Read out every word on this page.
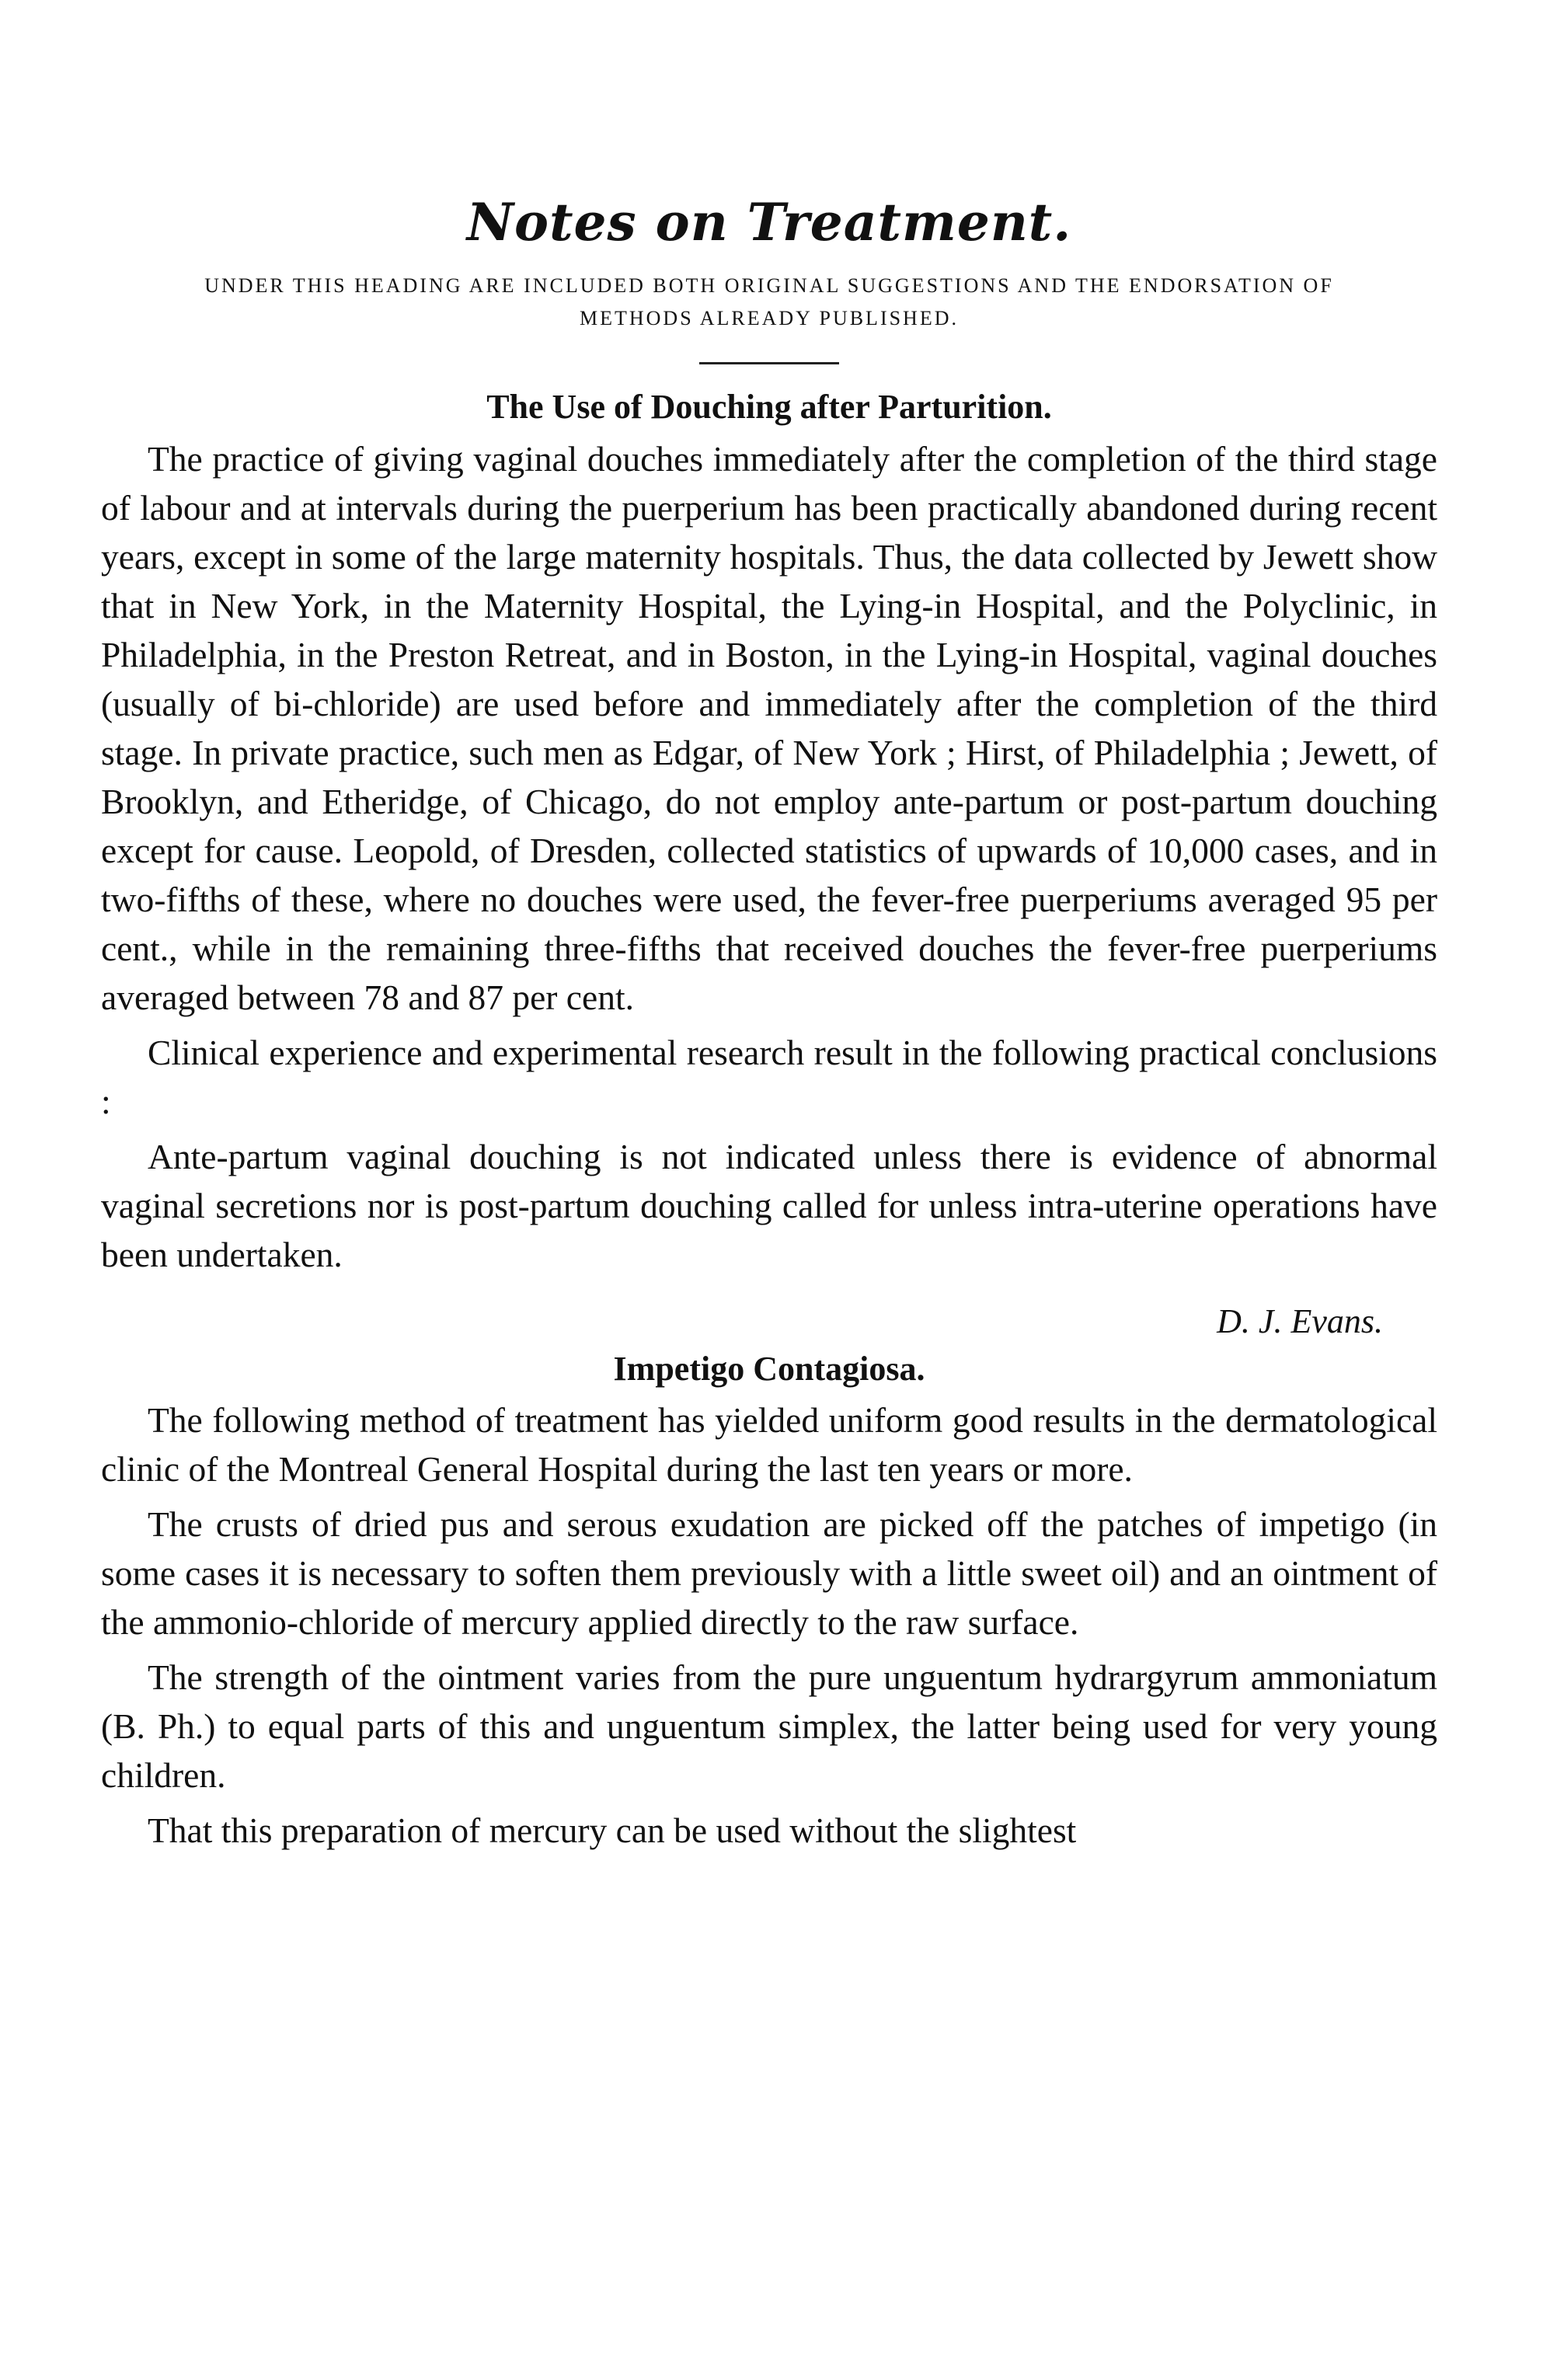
Notes on Treatment.
UNDER THIS HEADING ARE INCLUDED BOTH ORIGINAL SUGGESTIONS AND THE ENDORSATION OF METHODS ALREADY PUBLISHED.
The Use of Douching after Parturition.

The practice of giving vaginal douches immediately after the completion of the third stage of labour and at intervals during the puerperium has been practically abandoned during recent years, except in some of the large maternity hospitals. Thus, the data collected by Jewett show that in New York, in the Maternity Hospital, the Lying-in Hospital, and the Polyclinic, in Philadelphia, in the Preston Retreat, and in Boston, in the Lying-in Hospital, vaginal douches (usually of bi-chloride) are used before and immediately after the completion of the third stage. In private practice, such men as Edgar, of New York ; Hirst, of Philadelphia ; Jewett, of Brooklyn, and Etheridge, of Chicago, do not employ ante-partum or post-partum douching except for cause. Leopold, of Dresden, collected statistics of upwards of 10,000 cases, and in two-fifths of these, where no douches were used, the fever-free puerperiums averaged 95 per cent., while in the remaining three-fifths that received douches the fever-free puerperiums averaged between 78 and 87 per cent.

Clinical experience and experimental research result in the following practical conclusions :

Ante-partum vaginal douching is not indicated unless there is evidence of abnormal vaginal secretions nor is post-partum douching called for unless intra-uterine operations have been undertaken.

D. J. Evans.
Impetigo Contagiosa.

The following method of treatment has yielded uniform good results in the dermatological clinic of the Montreal General Hospital during the last ten years or more.

The crusts of dried pus and serous exudation are picked off the patches of impetigo (in some cases it is necessary to soften them previously with a little sweet oil) and an ointment of the ammonio-chloride of mercury applied directly to the raw surface.

The strength of the ointment varies from the pure unguentum hydrargyrum ammoniatum (B. Ph.) to equal parts of this and unguentum simplex, the latter being used for very young children.

That this preparation of mercury can be used without the slightest
